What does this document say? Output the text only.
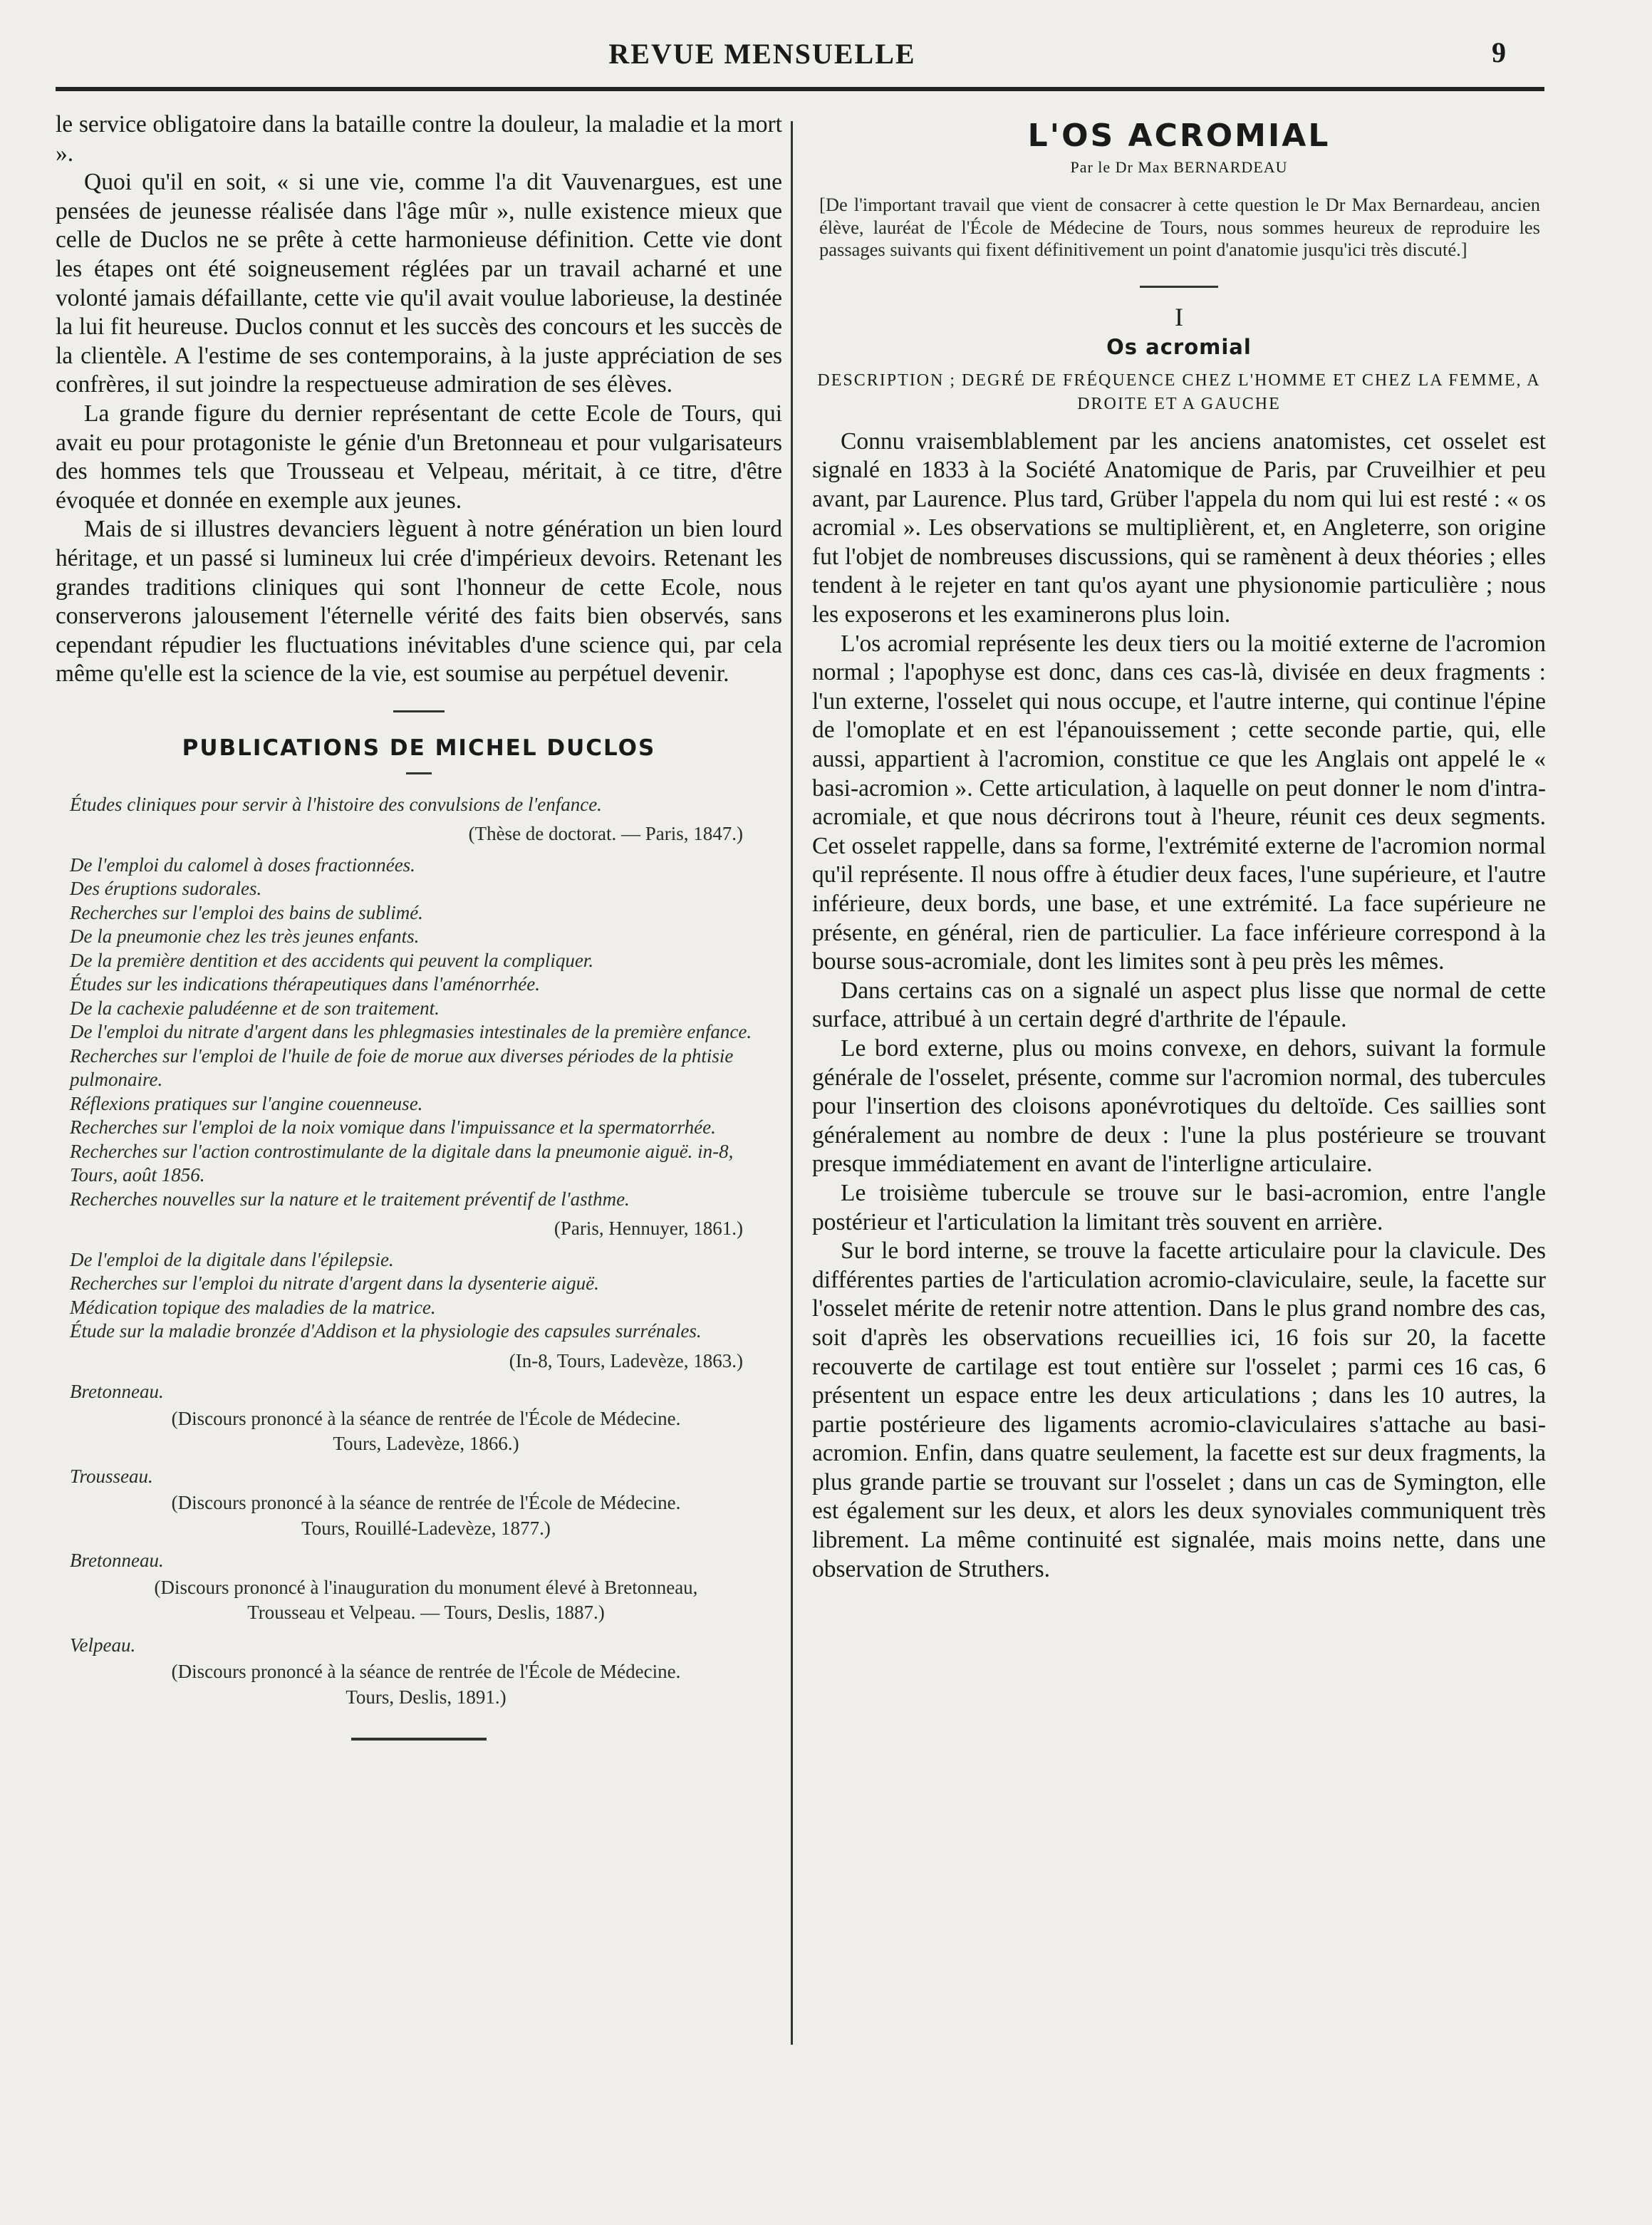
REVUE MENSUELLE	9

le service obligatoire dans la bataille contre la douleur, la maladie et la mort ».

Quoi qu'il en soit, « si une vie, comme l'a dit Vauvenargues, est une pensées de jeunesse réalisée dans l'âge mûr », nulle existence mieux que celle de Duclos ne se prête à cette harmonieuse définition. Cette vie dont les étapes ont été soigneusement réglées par un travail acharné et une volonté jamais défaillante, cette vie qu'il avait voulue laborieuse, la destinée la lui fit heureuse. Duclos connut et les succès des concours et les succès de la clientèle. A l'estime de ses contemporains, à la juste appréciation de ses confrères, il sut joindre la respectueuse admiration de ses élèves.

La grande figure du dernier représentant de cette Ecole de Tours, qui avait eu pour protagoniste le génie d'un Bretonneau et pour vulgarisateurs des hommes tels que Trousseau et Velpeau, méritait, à ce titre, d'être évoquée et donnée en exemple aux jeunes.

Mais de si illustres devanciers lèguent à notre génération un bien lourd héritage, et un passé si lumineux lui crée d'impérieux devoirs. Retenant les grandes traditions cliniques qui sont l'honneur de cette Ecole, nous conserverons jalousement l'éternelle vérité des faits bien observés, sans cependant répudier les fluctuations inévitables d'une science qui, par cela même qu'elle est la science de la vie, est soumise au perpétuel devenir.

PUBLICATIONS DE MICHEL DUCLOS
Études cliniques pour servir à l'histoire des convulsions de l'enfance.
(Thèse de doctorat. — Paris, 1847.)
De l'emploi du calomel à doses fractionnées.
Des éruptions sudorales.
Recherches sur l'emploi des bains de sublimé.
De la pneumonie chez les très jeunes enfants.
De la première dentition et des accidents qui peuvent la compliquer.
Études sur les indications thérapeutiques dans l'aménorrhée.
De la cachexie paludéenne et de son traitement.
De l'emploi du nitrate d'argent dans les phlegmasies intestinales de la première enfance.
Recherches sur l'emploi de l'huile de foie de morue aux diverses périodes de la phtisie pulmonaire.
Réflexions pratiques sur l'angine couenneuse.
Recherches sur l'emploi de la noix vomique dans l'impuissance et la spermatorrhée.
Recherches sur l'action controstimulante de la digitale dans la pneumonie aiguë. in-8, Tours, août 1856.
Recherches nouvelles sur la nature et le traitement préventif de l'asthme.
(Paris, Hennuyer, 1861.)
De l'emploi de la digitale dans l'épilepsie.
Recherches sur l'emploi du nitrate d'argent dans la dysenterie aiguë.
Médication topique des maladies de la matrice.
Étude sur la maladie bronzée d'Addison et la physiologie des capsules surrénales.
(In-8, Tours, Ladevèze, 1863.)
Bretonneau.
(Discours prononcé à la séance de rentrée de l'École de Médecine.
Tours, Ladevèze, 1866.)
Trousseau.
(Discours prononcé à la séance de rentrée de l'École de Médecine.
Tours, Rouillé-Ladevèze, 1877.)
Bretonneau.
(Discours prononcé à l'inauguration du monument élevé à Bretonneau,
Trousseau et Velpeau. — Tours, Deslis, 1887.)
Velpeau.
(Discours prononcé à la séance de rentrée de l'École de Médecine.
Tours, Deslis, 1891.)
L'OS ACROMIAL
Par le Dr Max BERNARDEAU
[De l'important travail que vient de consacrer à cette question le Dr Max Bernardeau, ancien élève, lauréat de l'École de Médecine de Tours, nous sommes heureux de reproduire les passages suivants qui fixent définitivement un point d'anatomie jusqu'ici très discuté.]
I
Os acromial
DESCRIPTION ; DEGRÉ DE FRÉQUENCE CHEZ L'HOMME ET CHEZ LA FEMME, A DROITE ET A GAUCHE

Connu vraisemblablement par les anciens anatomistes, cet osselet est signalé en 1833 à la Société Anatomique de Paris, par Cruveilhier et peu avant, par Laurence. Plus tard, Grüber l'appela du nom qui lui est resté : « os acromial ». Les observations se multiplièrent, et, en Angleterre, son origine fut l'objet de nombreuses discussions, qui se ramènent à deux théories ; elles tendent à le rejeter en tant qu'os ayant une physionomie particulière ; nous les exposerons et les examinerons plus loin.

L'os acromial représente les deux tiers ou la moitié externe de l'acromion normal ; l'apophyse est donc, dans ces cas-là, divisée en deux fragments : l'un externe, l'osselet qui nous occupe, et l'autre interne, qui continue l'épine de l'omoplate et en est l'épanouissement ; cette seconde partie, qui, elle aussi, appartient à l'acromion, constitue ce que les Anglais ont appelé le « basi-acromion ». Cette articulation, à laquelle on peut donner le nom d'intra-acromiale, et que nous décrirons tout à l'heure, réunit ces deux segments. Cet osselet rappelle, dans sa forme, l'extrémité externe de l'acromion normal qu'il représente. Il nous offre à étudier deux faces, l'une supérieure, et l'autre inférieure, deux bords, une base, et une extrémité. La face supérieure ne présente, en général, rien de particulier. La face inférieure correspond à la bourse sous-acromiale, dont les limites sont à peu près les mêmes.

Dans certains cas on a signalé un aspect plus lisse que normal de cette surface, attribué à un certain degré d'arthrite de l'épaule.

Le bord externe, plus ou moins convexe, en dehors, suivant la formule générale de l'osselet, présente, comme sur l'acromion normal, des tubercules pour l'insertion des cloisons aponévrotiques du deltoïde. Ces saillies sont généralement au nombre de deux : l'une la plus postérieure se trouvant presque immédiatement en avant de l'interligne articulaire.

Le troisième tubercule se trouve sur le basi-acromion, entre l'angle postérieur et l'articulation la limitant très souvent en arrière.

Sur le bord interne, se trouve la facette articulaire pour la clavicule. Des différentes parties de l'articulation acromio-claviculaire, seule, la facette sur l'osselet mérite de retenir notre attention. Dans le plus grand nombre des cas, soit d'après les observations recueillies ici, 16 fois sur 20, la facette recouverte de cartilage est tout entière sur l'osselet ; parmi ces 16 cas, 6 présentent un espace entre les deux articulations ; dans les 10 autres, la partie postérieure des ligaments acromio-claviculaires s'attache au basi-acromion. Enfin, dans quatre seulement, la facette est sur deux fragments, la plus grande partie se trouvant sur l'osselet ; dans un cas de Symington, elle est également sur les deux, et alors les deux synoviales communiquent très librement. La même continuité est signalée, mais moins nette, dans une observation de Struthers.
